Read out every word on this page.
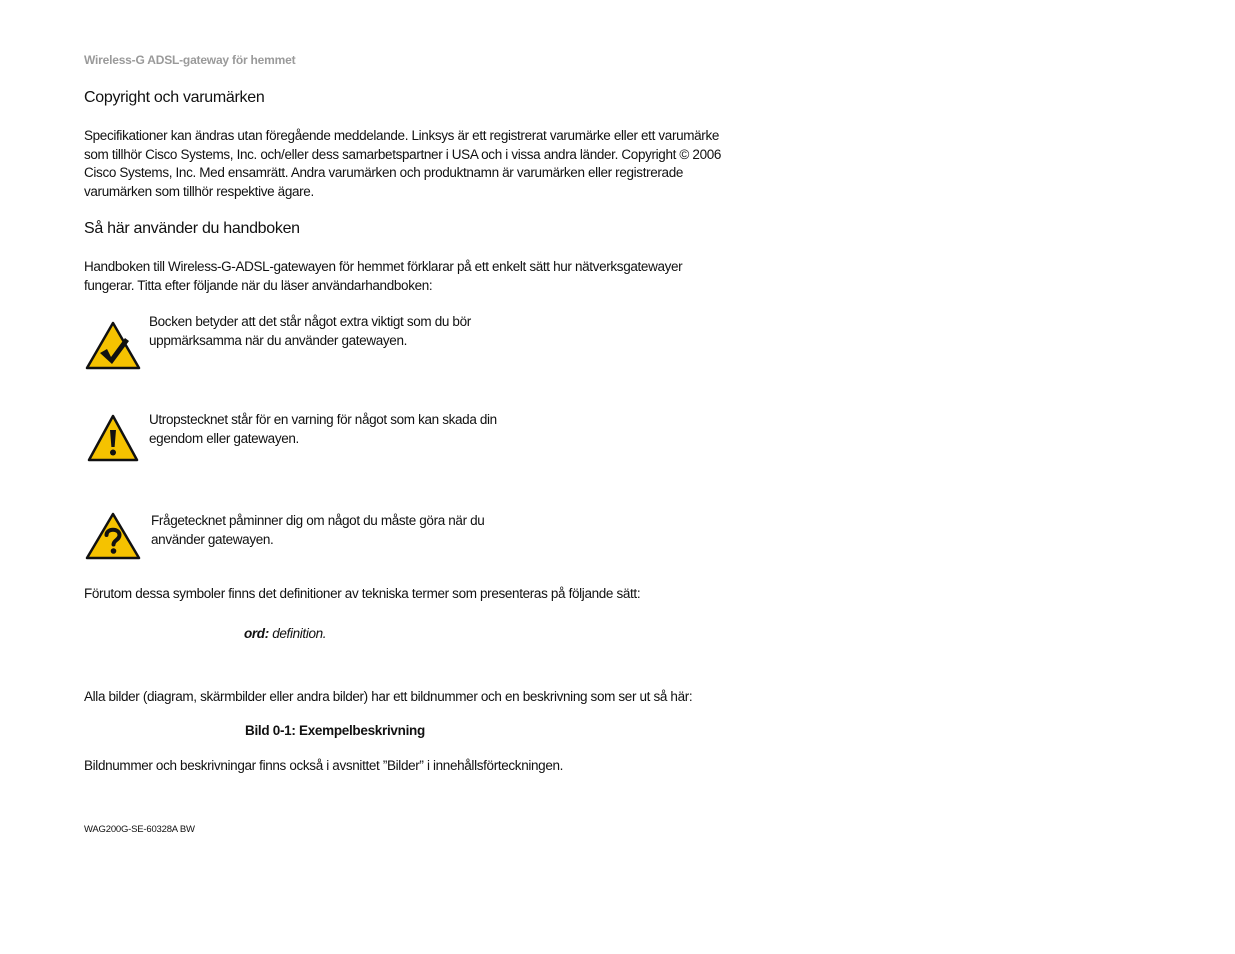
Wireless-G ADSL-gateway för hemmet
Copyright och varumärken
Specifikationer kan ändras utan föregående meddelande. Linksys är ett registrerat varumärke eller ett varumärke
som tillhör Cisco Systems, Inc. och/eller dess samarbetspartner i USA och i vissa andra länder. Copyright © 2006
Cisco Systems, Inc. Med ensamrätt. Andra varumärken och produktnamn är varumärken eller registrerade
varumärken som tillhör respektive ägare.
Så här använder du handboken
Handboken till Wireless-G-ADSL-gatewayen för hemmet förklarar på ett enkelt sätt hur nätverksgatewayer
fungerar. Titta efter följande när du läser användarhandboken:
Bocken betyder att det står något extra viktigt som du bör
uppmärksamma när du använder gatewayen.
Utropstecknet står för en varning för något som kan skada din
egendom eller gatewayen.
Frågetecknet påminner dig om något du måste göra när du
använder gatewayen.
Förutom dessa symboler finns det definitioner av tekniska termer som presenteras på följande sätt:
ord: definition.
Alla bilder (diagram, skärmbilder eller andra bilder) har ett bildnummer och en beskrivning som ser ut så här:
Bild 0-1: Exempelbeskrivning
Bildnummer och beskrivningar finns också i avsnittet ”Bilder” i innehållsförteckningen.
WAG200G-SE-60328A BW
